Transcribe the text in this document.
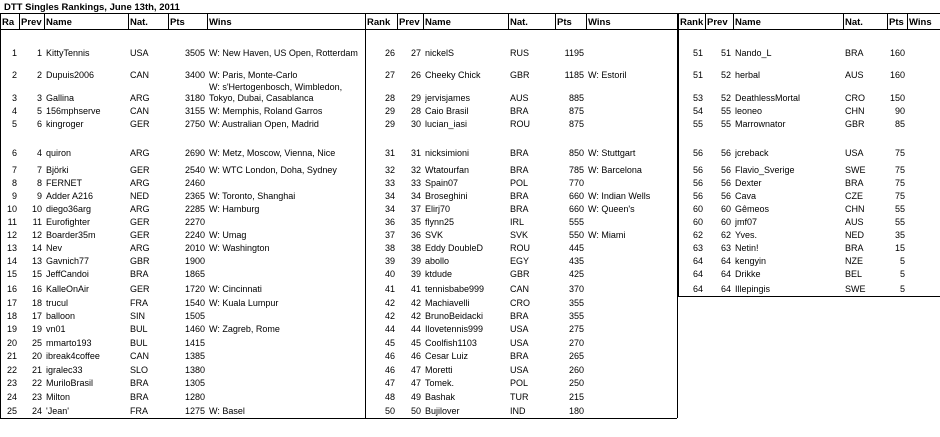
DTT Singles Rankings, June 13th, 2011
Ra Prev Name	Nat.	Pts	Wins
1 1 KittyTennis	USA	3505 W: New Haven, US Open, Rotterdam
2 2 Dupuis2006	CAN	3400 W: Paris, Monte-Carlo
3 3 Gallina	ARG	3180
W: s'Hertogenbosch, Wimbledon, Tokyo, Dubai, Casablanca
4 5 156mphserve	CAN	3155 W: Memphis, Roland Garros
5 6 kingroger	GER	2750 W: Australian Open, Madrid
6 4 quiron	ARG	2690 W: Metz, Moscow, Vienna, Nice
7 7 Björki	GER	2540 W: WTC London, Doha, Sydney
8 8 FERNET	ARG	2460
9 9 Adder A216	NED	2365 W: Toronto, Shanghai
10 10 diego36arg	ARG	2285 W: Hamburg
11 11 Eurofighter	GER	2270
12 12 Boarder35m	GER	2240 W: Umag
13 14 Nev	ARG	2010 W: Washington
14 13 Gavnich77	GBR	1900
15 15 JeffCandoi	BRA	1865
16 16 KalleOnAir	GER	1720 W: Cincinnati
17 18 trucul	FRA	1540 W: Kuala Lumpur
18 17 balloon	SIN	1505
19 19 vn01	BUL	1460 W: Zagreb, Rome
20 25 mmarto193	BUL	1415
21 20 ibreak4coffee	CAN	1385
22 21 igralec33	SLO	1380
23 22 MuriloBrasil	BRA	1305
24 23 Milton	BRA	1280
25 24 'Jean'	FRA	1275 W: Basel
Rank Prev Name	Nat.	Pts	Wins
26 27 nickelS	RUS	1195
27 26 Cheeky Chick	GBR	1185 W: Estoril
28 29 jervisjames	AUS	885
29 28 Caio Brasil	BRA	875
29 30 lucian_iasi	ROU	875
31 31 nicksimioni	BRA	850 W: Stuttgart
32 32 Wtatourfan	BRA	785 W: Barcelona
33 33 Spain07	POL	770
34 34 Broseghini	BRA	660 W: Indian Wells
34 37 Elirj70	BRA	660 W: Queen's
36 35 flynn25	IRL	555
37 36 SVK	SVK	550 W: Miami
38 38 Eddy DoubleD	ROU	445
39 39 abollo	EGY	435
40 39 ktdude	GBR	425
41 41 tennisbabe999	CAN	370
42 42 Machiavelli	CRO	355
42 42 BrunoBeidacki	BRA	355
44 44 Ilovetennis999	USA	275
45 45 Coolfish1103	USA	270
46 46 Cesar Luiz	BRA	265
46 47 Moretti	USA	260
47 47 Tomek.	POL	250
48 49 Bashak	TUR	215
50 50 Bujilover	IND	180
Rank Prev Name	Nat.	Pts Wins
51 51 Nando_L	BRA	160
51 52 herbal	AUS	160
53 52 DeathlessMortal	CRO	150
54 55 leoneo	CHN	90
55 55 Marrownator	GBR	85
56 56 jcreback	USA	75
56 56 Flavio_Sverige	SWE	75
56 56 Dexter	BRA	75
56 56 Cava	CZE	75
60 60 Gêmeos	CHN	55
60 60 jmf07	AUS	55
62 62 Yves.	NED	35
63 63 Netin!	BRA	15
64 64 kengyin	NZE	5
64 64 Drikke	BEL	5
64 64 Illepingis	SWE	5
